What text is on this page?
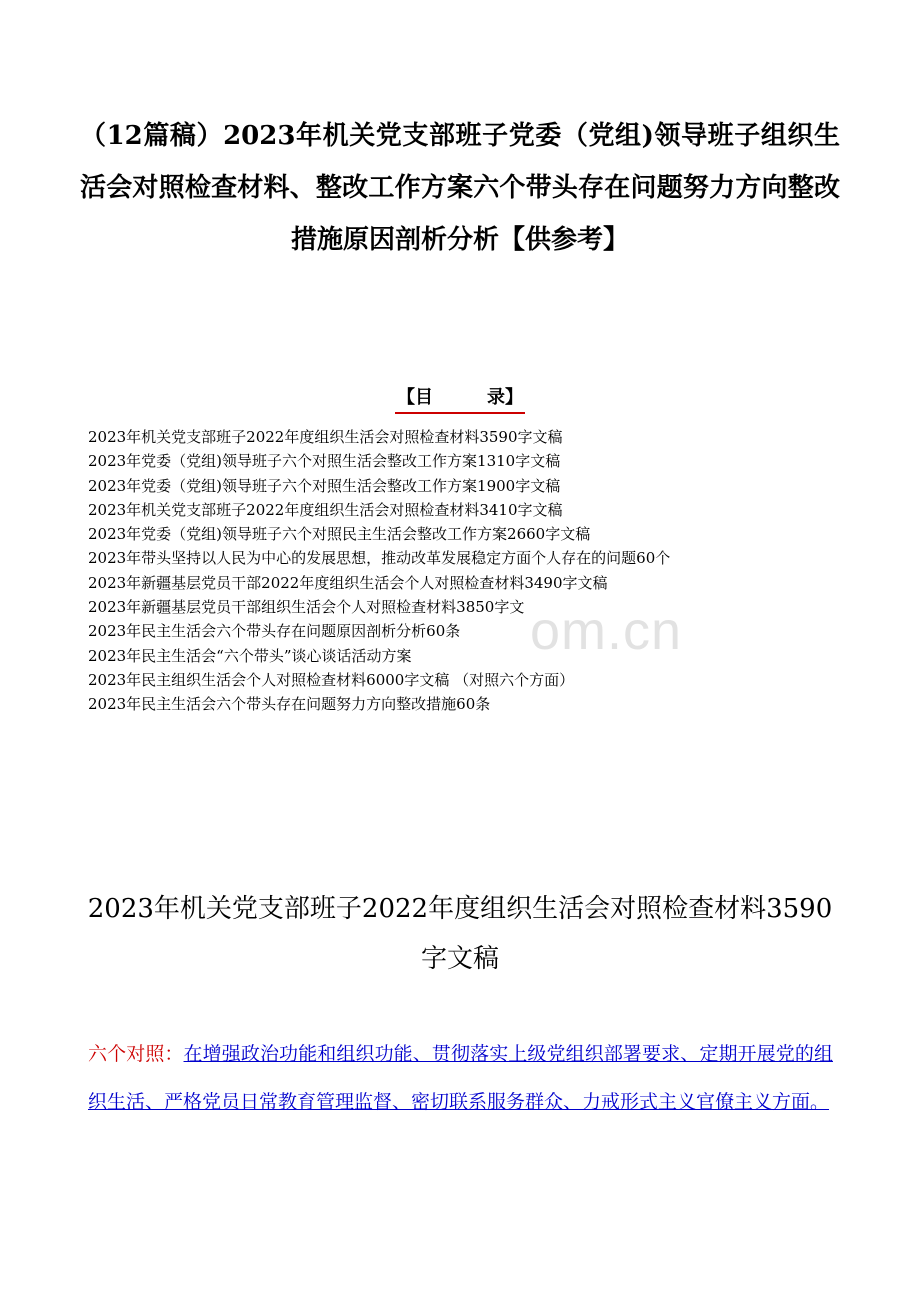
（12篇稿）2023年机关党支部班子党委（党组)领导班子组织生活会对照检查材料、整改工作方案六个带头存在问题努力方向整改措施原因剖析分析【供参考】
【目　　　录】
2023年机关党支部班子2022年度组织生活会对照检查材料3590字文稿
2023年党委（党组)领导班子六个对照生活会整改工作方案1310字文稿
2023年党委（党组)领导班子六个对照生活会整改工作方案1900字文稿
2023年机关党支部班子2022年度组织生活会对照检查材料3410字文稿
2023年党委（党组)领导班子六个对照民主生活会整改工作方案2660字文稿
2023年带头坚持以人民为中心的发展思想，推动改革发展稳定方面个人存在的问题60个
2023年新疆基层党员干部2022年度组织生活会个人对照检查材料3490字文稿
2023年新疆基层党员干部组织生活会个人对照检查材料3850字文
2023年民主生活会六个带头存在问题原因剖析分析60条
2023年民主生活会“六个带头”谈心谈话活动方案
2023年民主组织生活会个人对照检查材料6000字文稿 （对照六个方面）
2023年民主生活会六个带头存在问题努力方向整改措施60条
om.cn
2023年机关党支部班子2022年度组织生活会对照检查材料3590字文稿

六个对照：在增强政治功能和组织功能、贯彻落实上级党组织部署要求、定期开展党的组织生活、严格党员日常教育管理监督、密切联系服务群众、力戒形式主义官僚主义方面。
